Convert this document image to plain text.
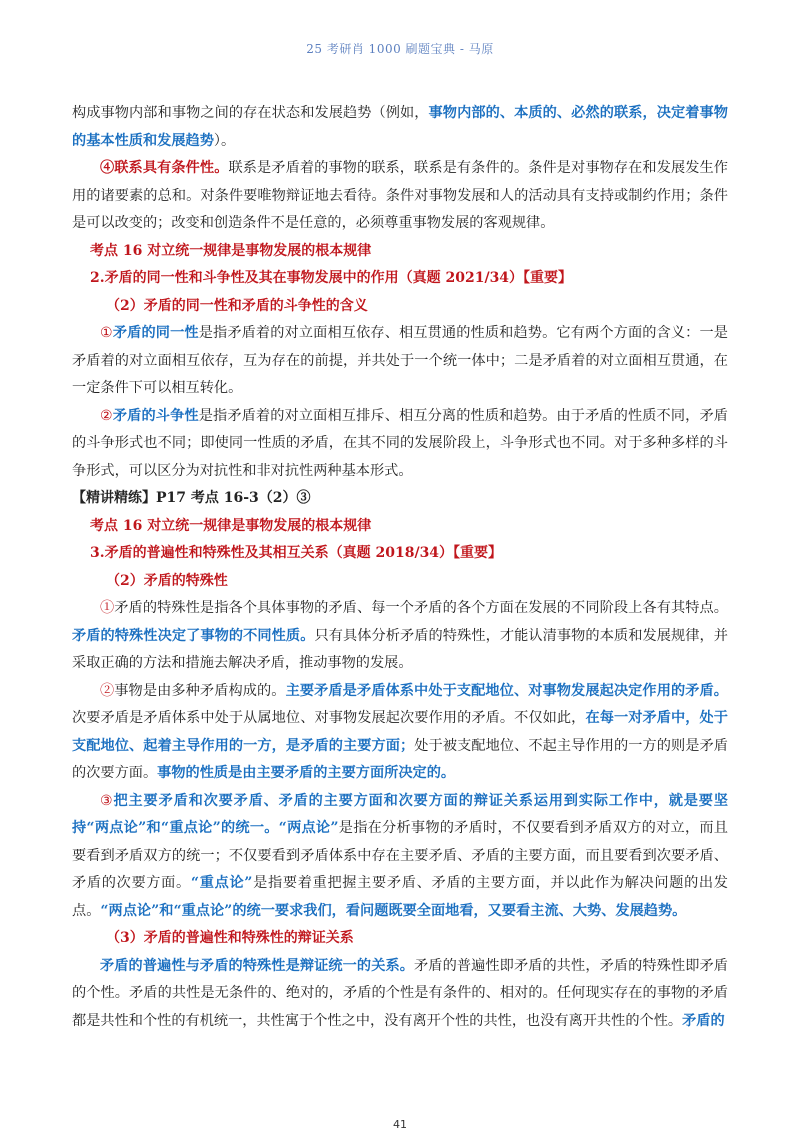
25 考研肖 1000 刷题宝典 - 马原

构成事物内部和事物之间的存在状态和发展趋势（例如，事物内部的、本质的、必然的联系，决定着事物的基本性质和发展趋势）。

④联系具有条件性。联系是矛盾着的事物的联系，联系是有条件的。条件是对事物存在和发展发生作用的诸要素的总和。对条件要唯物辩证地去看待。条件对事物发展和人的活动具有支持或制约作用；条件是可以改变的；改变和创造条件不是任意的，必须尊重事物发展的客观规律。

考点 16 对立统一规律是事物发展的根本规律

2.矛盾的同一性和斗争性及其在事物发展中的作用（真题 2021/34）【重要】

（2）矛盾的同一性和矛盾的斗争性的含义

①矛盾的同一性是指矛盾着的对立面相互依存、相互贯通的性质和趋势。它有两个方面的含义：一是矛盾着的对立面相互依存，互为存在的前提，并共处于一个统一体中；二是矛盾着的对立面相互贯通，在一定条件下可以相互转化。

②矛盾的斗争性是指矛盾着的对立面相互排斥、相互分离的性质和趋势。由于矛盾的性质不同，矛盾的斗争形式也不同；即使同一性质的矛盾，在其不同的发展阶段上，斗争形式也不同。对于多种多样的斗争形式，可以区分为对抗性和非对抗性两种基本形式。

【精讲精练】P17 考点 16-3（2）③

考点 16 对立统一规律是事物发展的根本规律

3.矛盾的普遍性和特殊性及其相互关系（真题 2018/34）【重要】

（2）矛盾的特殊性

①矛盾的特殊性是指各个具体事物的矛盾、每一个矛盾的各个方面在发展的不同阶段上各有其特点。矛盾的特殊性决定了事物的不同性质。只有具体分析矛盾的特殊性，才能认清事物的本质和发展规律，并采取正确的方法和措施去解决矛盾，推动事物的发展。

②事物是由多种矛盾构成的。主要矛盾是矛盾体系中处于支配地位、对事物发展起决定作用的矛盾。次要矛盾是矛盾体系中处于从属地位、对事物发展起次要作用的矛盾。不仅如此，在每一对矛盾中，处于支配地位、起着主导作用的一方，是矛盾的主要方面；处于被支配地位、不起主导作用的一方的则是矛盾的次要方面。事物的性质是由主要矛盾的主要方面所决定的。

③把主要矛盾和次要矛盾、矛盾的主要方面和次要方面的辩证关系运用到实际工作中，就是要坚持“两点论”和“重点论”的统一。“两点论”是指在分析事物的矛盾时，不仅要看到矛盾双方的对立，而且要看到矛盾双方的统一；不仅要看到矛盾体系中存在主要矛盾、矛盾的主要方面，而且要看到次要矛盾、矛盾的次要方面。“重点论”是指要着重把握主要矛盾、矛盾的主要方面，并以此作为解决问题的出发点。“两点论”和“重点论”的统一要求我们，看问题既要全面地看，又要看主流、大势、发展趋势。

（3）矛盾的普遍性和特殊性的辩证关系

矛盾的普遍性与矛盾的特殊性是辩证统一的关系。矛盾的普遍性即矛盾的共性，矛盾的特殊性即矛盾的个性。矛盾的共性是无条件的、绝对的，矛盾的个性是有条件的、相对的。任何现实存在的事物的矛盾都是共性和个性的有机统一，共性寓于个性之中，没有离开个性的共性，也没有离开共性的个性。矛盾的

41
